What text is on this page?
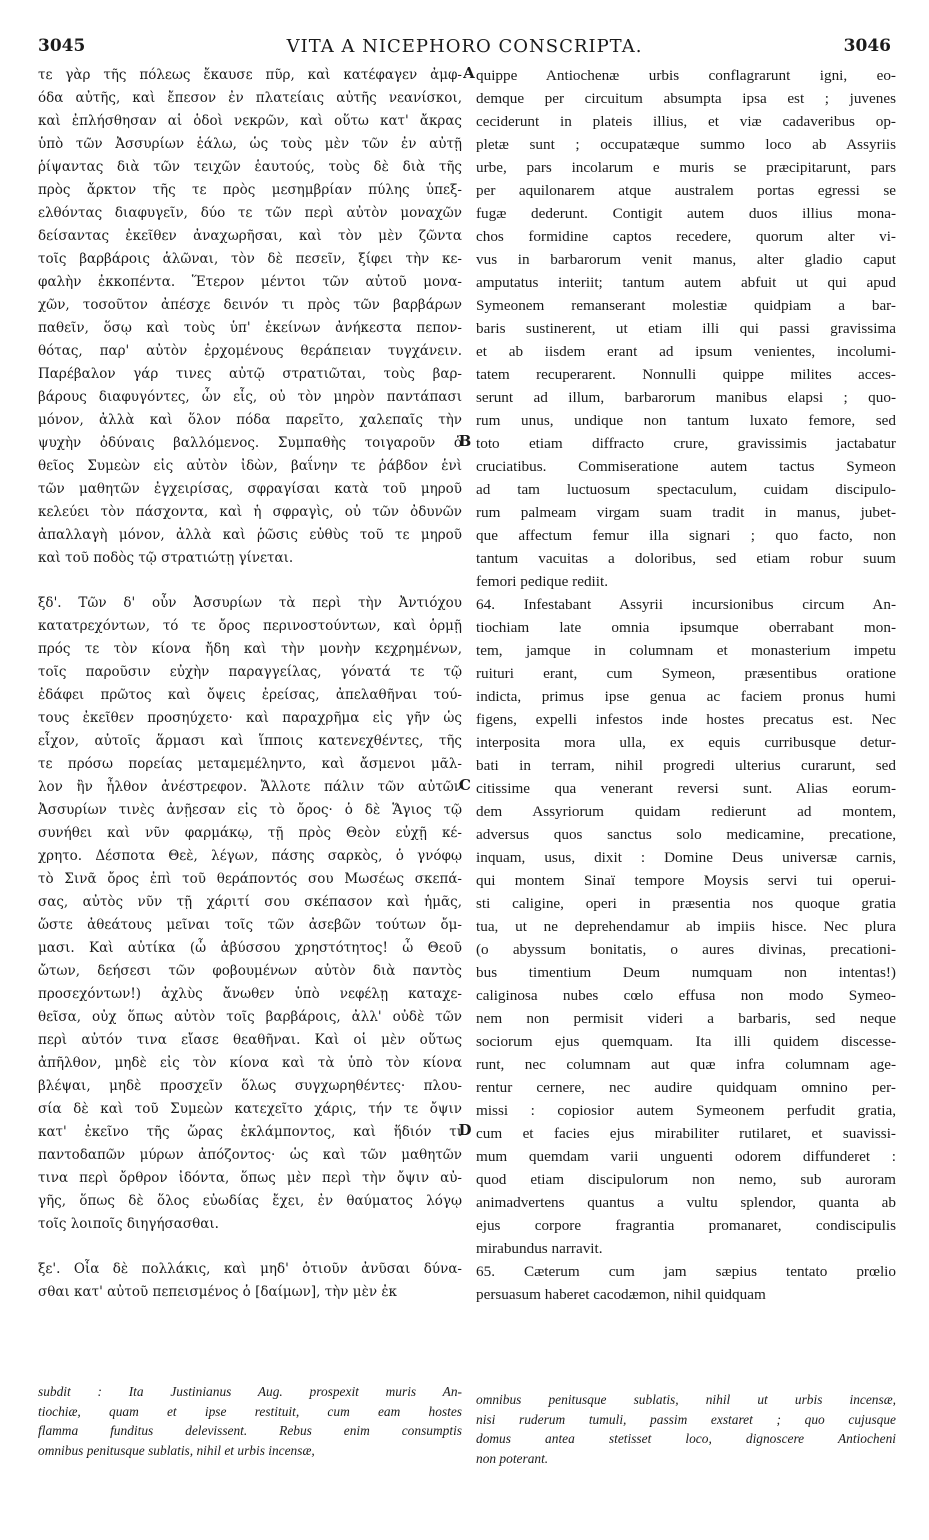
3045	VITA A NICEPHORO CONSCRIPTA.	3046
A
B
C
D
τε γὰρ τῆς πόλεως ἔκαυσε πῦρ, καὶ κατέφαγεν ἀμφ-
όδα αὐτῆς, καὶ ἔπεσον ἐν πλατείαις αὐτῆς νεανίσκοι,
καὶ ἐπλήσθησαν αἱ ὁδοὶ νεκρῶν, καὶ οὕτω κατ' ἄκρας
ὑπὸ τῶν Ἀσσυρίων ἑάλω, ὡς τοὺς μὲν τῶν ἐν αὐτῇ
ῥίψαντας διὰ τῶν τειχῶν ἑαυτούς, τοὺς δὲ διὰ τῆς
πρὸς ἄρκτον τῆς τε πρὸς μεσημβρίαν πύλης ὑπεξ-
ελθόντας διαφυγεῖν, δύο τε τῶν περὶ αὐτὸν μοναχῶν
δείσαντας ἐκεῖθεν ἀναχωρῆσαι, καὶ τὸν μὲν ζῶντα
τοῖς βαρβάροις ἁλῶναι, τὸν δὲ πεσεῖν, ξίφει τὴν κε-
φαλὴν ἐκκοπέντα. Ἕτερον μέντοι τῶν αὐτοῦ μονα-
χῶν, τοσοῦτον ἀπέσχε δεινόν τι πρὸς τῶν βαρβάρων
παθεῖν, ὅσῳ καὶ τοὺς ὑπ' ἐκείνων ἀνήκεστα πεπον-
θότας, παρ' αὐτὸν ἐρχομένους θεράπειαν τυγχάνειν.
Παρέβαλον γάρ τινες αὐτῷ στρατιῶται, τοὺς βαρ-
βάρους διαφυγόντες, ὧν εἷς, οὐ τὸν μηρὸν παντάπασι
μόνον, ἀλλὰ καὶ ὅλον πόδα παρεῖτο, χαλεπαῖς τὴν
ψυχὴν ὀδύναις βαλλόμενος. Συμπαθὴς τοιγαροῦν ὁ
θεῖος Συμεὼν εἰς αὐτὸν ἰδὼν, βαΐνην τε ῥάβδον ἑνὶ
τῶν μαθητῶν ἐγχειρίσας, σφραγίσαι κατὰ τοῦ μηροῦ
κελεύει τὸν πάσχοντα, καὶ ἡ σφραγὶς, οὐ τῶν ὀδυνῶν
ἀπαλλαγὴ μόνον, ἀλλὰ καὶ ῥῶσις εὐθὺς τοῦ τε μηροῦ
καὶ τοῦ ποδὸς τῷ στρατιώτῃ γίνεται.
ξδ'. Τῶν δ' οὖν Ἀσσυρίων τὰ περὶ τὴν Ἀντιόχου
κατατρεχόντων, τό τε ὄρος περινοστούντων, καὶ ὁρμῇ
πρός τε τὸν κίονα ἤδη καὶ τὴν μονὴν κεχρημένων,
τοῖς παροῦσιν εὐχὴν παραγγείλας, γόνατά τε τῷ
ἐδάφει πρῶτος καὶ ὄψεις ἐρείσας, ἀπελαθῆναι τού-
τους ἐκεῖθεν προσηύχετο· καὶ παραχρῆμα εἰς γῆν ὡς
εἶχον, αὐτοῖς ἅρμασι καὶ ἵπποις κατενεχθέντες, τῆς
τε πρόσω πορείας μεταμεμέληντο, καὶ ἄσμενοι μᾶλ-
λον ἢν ἦλθον ἀνέστρεφον. Ἄλλοτε πάλιν τῶν αὐτῶν
Ἀσσυρίων τινὲς ἀνῇεσαν εἰς τὸ ὄρος· ὁ δὲ Ἅγιος τῷ
συνήθει καὶ νῦν φαρμάκῳ, τῇ πρὸς Θεὸν εὐχῇ κέ-
χρητο. Δέσποτα Θεὲ, λέγων, πάσης σαρκὸς, ὁ γνόφῳ
τὸ Σινᾶ ὄρος ἐπὶ τοῦ θεράποντός σου Μωσέως σκεπά-
σας, αὐτὸς νῦν τῇ χάριτί σου σκέπασον καὶ ἡμᾶς,
ὥστε ἀθεάτους μεῖναι τοῖς τῶν ἀσεβῶν τούτων ὄμ-
μασι. Καὶ αὐτίκα (ὦ ἀβύσσου χρηστότητος! ὦ Θεοῦ
ὤτων, δεήσεσι τῶν φοβουμένων αὐτὸν διὰ παντὸς
προσεχόντων!) ἀχλὺς ἄνωθεν ὑπὸ νεφέλῃ καταχε-
θεῖσα, οὐχ ὅπως αὐτὸν τοῖς βαρβάροις, ἀλλ' οὐδὲ τῶν
περὶ αὐτόν τινα εἴασε θεαθῆναι. Καὶ οἱ μὲν οὕτως
ἀπῆλθον, μηδὲ εἰς τὸν κίονα καὶ τὰ ὑπὸ τὸν κίονα
βλέψαι, μηδὲ προσχεῖν ὅλως συγχωρηθέντες· πλου-
σία δὲ καὶ τοῦ Συμεὼν κατεχεῖτο χάρις, τήν τε ὄψιν
κατ' ἐκεῖνο τῆς ὥρας ἐκλάμποντος, καὶ ἥδιόν τι
παντοδαπῶν μύρων ἀπόζοντος· ὡς καὶ τῶν μαθητῶν
τινα περὶ ὄρθρον ἰδόντα, ὅπως μὲν περὶ τὴν ὄψιν αὐ-
γῆς, ὅπως δὲ ὅλος εὐωδίας ἔχει, ἐν θαύματος λόγῳ
τοῖς λοιποῖς διηγήσασθαι.
ξε'. Οἷα δὲ πολλάκις, καὶ μηδ' ὁτιοῦν ἀνῦσαι δύνα-
σθαι κατ' αὐτοῦ πεπεισμένος ὁ [δαίμων], τὴν μὲν ἐκ
quippe Antiochenæ urbis conflagrarunt igni, eo-
demque per circuitum absumpta ipsa est ; juvenes
ceciderunt in plateis illius, et viæ cadaveribus op-
pletæ sunt ; occupatæque summo loco ab Assyriis
urbe, pars incolarum e muris se præcipitarunt, pars
per aquilonarem atque australem portas egressi se
fugæ dederunt. Contigit autem duos illius mona-
chos formidine captos recedere, quorum alter vi-
vus in barbarorum venit manus, alter gladio caput
amputatus interiit; tantum autem abfuit ut qui apud
Symeonem remanserant molestiæ quidpiam a bar-
baris sustinerent, ut etiam illi qui passi gravissima
et ab iisdem erant ad ipsum venientes, incolumi-
tatem recuperarent. Nonnulli quippe milites acces-
serunt ad illum, barbarorum manibus elapsi ; quo-
rum unus, undique non tantum luxato femore, sed
toto etiam diffracto crure, gravissimis jactabatur
cruciatibus. Commiseratione autem tactus Symeon
ad tam luctuosum spectaculum, cuidam discipulo-
rum palmeam virgam suam tradit in manus, jubet-
que affectum femur illa signari ; quo facto, non
tantum vacuitas a doloribus, sed etiam robur suum
femori pedique rediit.
64. Infestabant Assyrii incursionibus circum An-
tiochiam late omnia ipsumque oberrabant mon-
tem, jamque in columnam et monasterium impetu
ruituri erant, cum Symeon, præsentibus oratione
indicta, primus ipse genua ac faciem pronus humi
figens, expelli infestos inde hostes precatus est. Nec
interposita mora ulla, ex equis curribusque detur-
bati in terram, nihil progredi ulterius curarunt, sed
citissime qua venerant reversi sunt. Alias eorum-
dem Assyriorum quidam redierunt ad montem,
adversus quos sanctus solo medicamine, precatione,
inquam, usus, dixit : Domine Deus universæ carnis,
qui montem Sinaï tempore Moysis servi tui operui-
sti caligine, operi in præsentia nos quoque gratia
tua, ut ne deprehendamur ab impiis hisce. Nec plura
(o abyssum bonitatis, o aures divinas, precationi-
bus timentium Deum numquam non intentas!)
caliginosa nubes cœlo effusa non modo Symeo-
nem non permisit videri a barbaris, sed neque
sociorum ejus quemquam. Ita illi quidem discesse-
runt, nec columnam aut quæ infra columnam age-
rentur cernere, nec audire quidquam omnino per-
missi : copiosior autem Symeonem perfudit gratia,
cum et facies ejus mirabiliter rutilaret, et suavissi-
mum quemdam varii unguenti odorem diffunderet :
quod etiam discipulorum non nemo, sub auroram
animadvertens quantus a vultu splendor, quanta ab
ejus corpore fragrantia promanaret, condiscipulis
mirabundus narravit.
65. Cæterum cum jam sæpius tentato prœlio
persuasum haberet cacodæmon, nihil quidquam
subdit : Ita Justinianus Aug. prospexit muris An-
tiochiæ, quam et ipse restituit, cum eam hostes
flamma funditus delevissent. Rebus enim consumptis
omnibus penitusque sublatis, nihil et urbis incensæ,
omnibus penitusque sublatis, nihil ut urbis incensæ,
nisi ruderum tumuli, passim exstaret ; quo cujusque
domus antea stetisset loco, dignoscere Antiocheni
non poterant.
